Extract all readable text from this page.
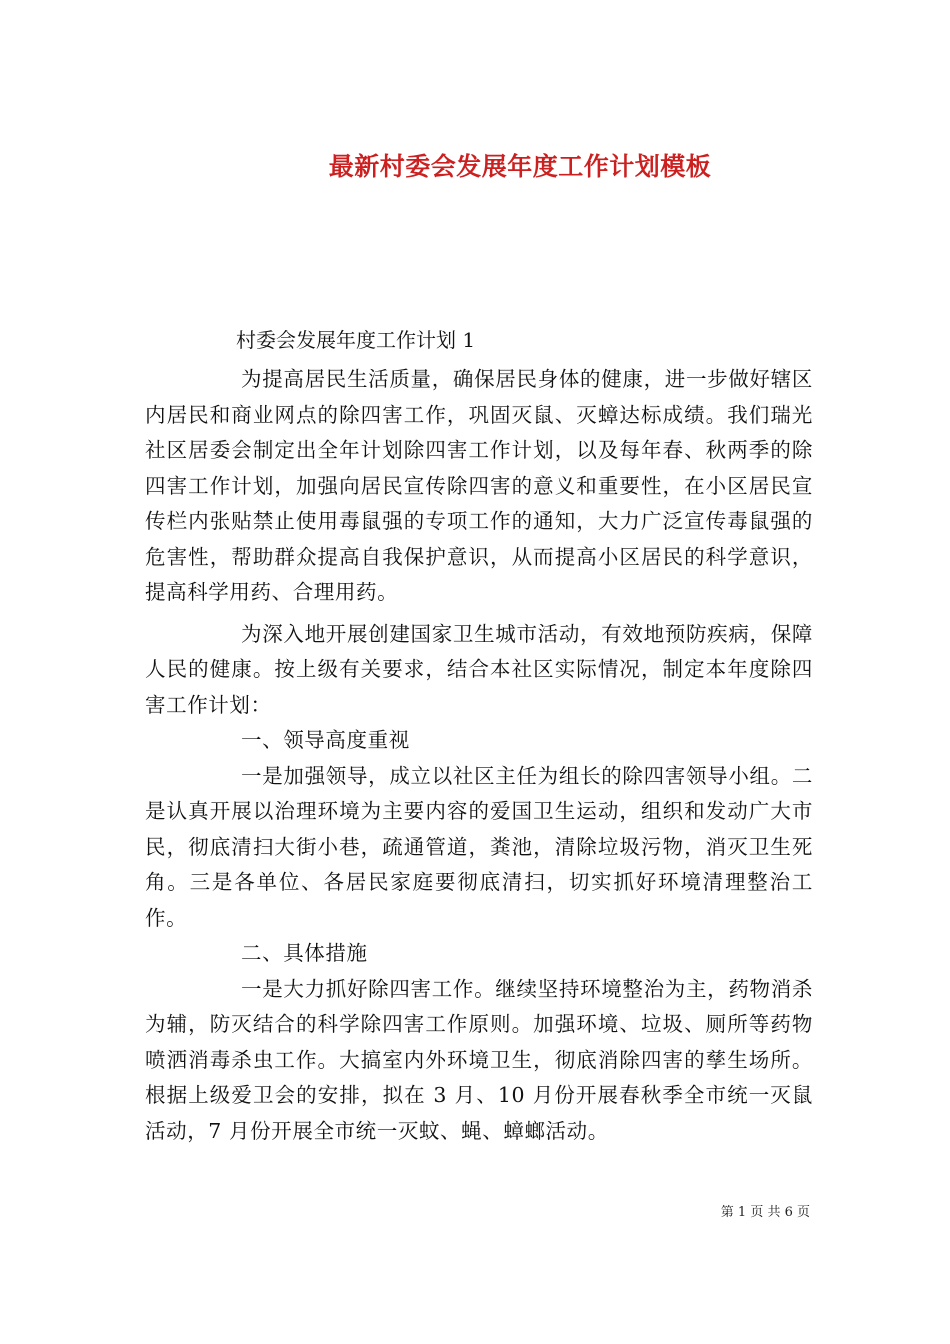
最新村委会发展年度工作计划模板

村委会发展年度工作计划 1

为提高居民生活质量，确保居民身体的健康，进一步做好辖区内居民和商业网点的除四害工作，巩固灭鼠、灭蟑达标成绩。我们瑞光社区居委会制定出全年计划除四害工作计划，以及每年春、秋两季的除四害工作计划，加强向居民宣传除四害的意义和重要性，在小区居民宣传栏内张贴禁止使用毒鼠强的专项工作的通知，大力广泛宣传毒鼠强的危害性，帮助群众提高自我保护意识，从而提高小区居民的科学意识，提高科学用药、合理用药。

为深入地开展创建国家卫生城市活动，有效地预防疾病，保障人民的健康。按上级有关要求，结合本社区实际情况，制定本年度除四害工作计划：

一、领导高度重视

一是加强领导，成立以社区主任为组长的除四害领导小组。二是认真开展以治理环境为主要内容的爱国卫生运动，组织和发动广大市民，彻底清扫大街小巷，疏通管道，粪池，清除垃圾污物，消灭卫生死角。三是各单位、各居民家庭要彻底清扫，切实抓好环境清理整治工作。

二、具体措施

一是大力抓好除四害工作。继续坚持环境整治为主，药物消杀为辅，防灭结合的科学除四害工作原则。加强环境、垃圾、厕所等药物喷洒消毒杀虫工作。大搞室内外环境卫生，彻底消除四害的孳生场所。根据上级爱卫会的安排，拟在 3 月、10 月份开展春秋季全市统一灭鼠活动，7 月份开展全市统一灭蚊、蝇、蟑螂活动。

第 1 页 共 6 页
